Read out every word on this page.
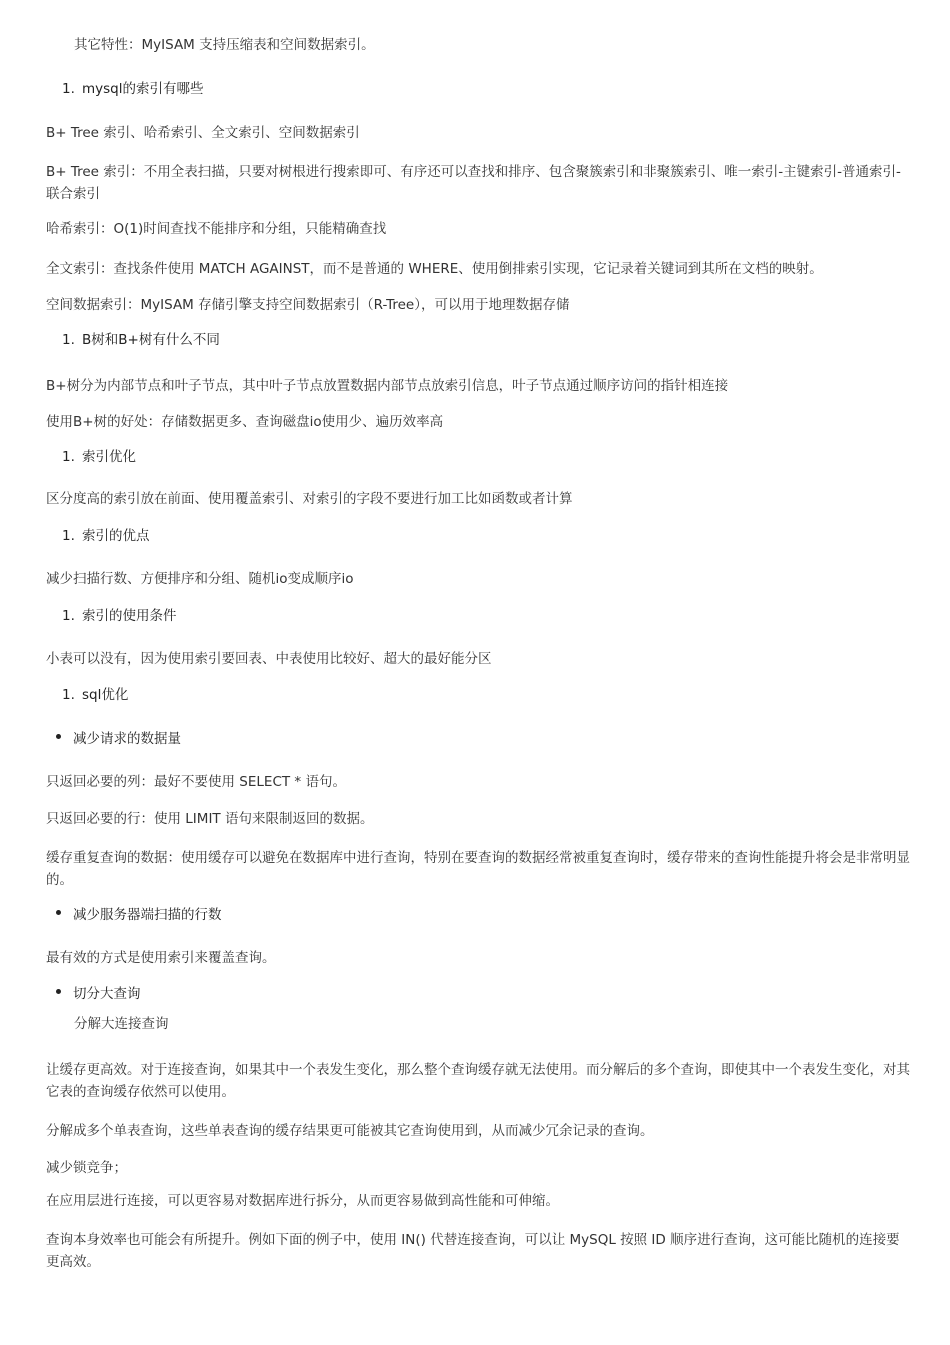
其它特性：MyISAM 支持压缩表和空间数据索引。
1. mysql的索引有哪些
B+ Tree 索引、哈希索引、全文索引、空间数据索引
B+ Tree 索引：不用全表扫描，只要对树根进行搜索即可、有序还可以查找和排序、包含聚簇索引和非聚簇索引、唯一索引-主键索引-普通索引-联合索引
哈希索引：O(1)时间查找不能排序和分组，只能精确查找
全文索引：查找条件使用 MATCH AGAINST，而不是普通的 WHERE、使用倒排索引实现，它记录着关键词到其所在文档的映射。
空间数据索引：MyISAM 存储引擎支持空间数据索引（R-Tree），可以用于地理数据存储
1. B树和B+树有什么不同
B+树分为内部节点和叶子节点，其中叶子节点放置数据内部节点放索引信息，叶子节点通过顺序访问的指针相连接
使用B+树的好处：存储数据更多、查询磁盘io使用少、遍历效率高
1. 索引优化
区分度高的索引放在前面、使用覆盖索引、对索引的字段不要进行加工比如函数或者计算
1. 索引的优点
减少扫描行数、方便排序和分组、随机io变成顺序io
1. 索引的使用条件
小表可以没有，因为使用索引要回表、中表使用比较好、超大的最好能分区
1. sql优化
减少请求的数据量
只返回必要的列：最好不要使用 SELECT * 语句。
只返回必要的行：使用 LIMIT 语句来限制返回的数据。
缓存重复查询的数据：使用缓存可以避免在数据库中进行查询，特别在要查询的数据经常被重复查询时，缓存带来的查询性能提升将会是非常明显的。
减少服务器端扫描的行数
最有效的方式是使用索引来覆盖查询。
切分大查询
分解大连接查询
让缓存更高效。对于连接查询，如果其中一个表发生变化，那么整个查询缓存就无法使用。而分解后的多个查询，即使其中一个表发生变化，对其它表的查询缓存依然可以使用。
分解成多个单表查询，这些单表查询的缓存结果更可能被其它查询使用到，从而减少冗余记录的查询。
减少锁竞争；
在应用层进行连接，可以更容易对数据库进行拆分，从而更容易做到高性能和可伸缩。
查询本身效率也可能会有所提升。例如下面的例子中，使用 IN() 代替连接查询，可以让 MySQL 按照 ID 顺序进行查询，这可能比随机的连接要更高效。
